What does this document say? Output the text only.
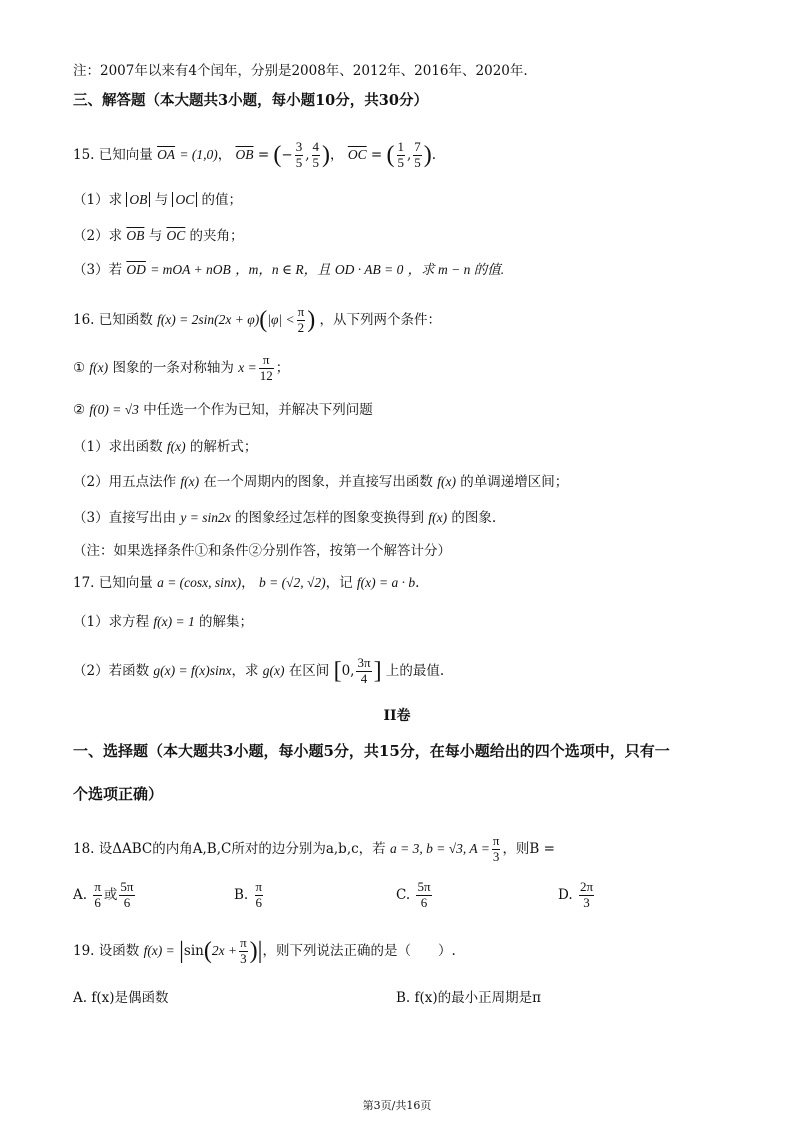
注：2007年以来有4个闰年，分别是2008年、2012年、2016年、2020年.
三、解答题（本大题共3小题，每小题10分，共30分）
15. 已知向量 $\overline{OA} = (1,0)$， $\overline{OB}$ = (− $\frac{3}{5}$ , $\frac{4}{5}$ )， $\overline{OC}$ = ( $\frac{1}{5}$ , $\frac{7}{5}$ ).
（1）求 OB 与 OC 的值；
（2）求 $\overline{OB}$ 与 $\overline{OC}$ 的夹角；
（3）若 $\overline{OD}$ = mOA + nOB ，m，n ∈ R，且 OD · AB = 0 ，求 m − n 的值.
16. 已知函数 $f(x) = 2\sin(2x + \varphi)(|\varphi| < \frac{\pi}{2}$ ) ，从下列两个条件：
① f(x) 图象的一条对称轴为 $x = \frac{\pi}{12}$ ；
② f(0) = √3 中任选一个作为已知，并解决下列问题
（1）求出函数 f(x) 的解析式；
（2）用五点法作 f(x) 在一个周期内的图象，并直接写出函数 f(x) 的单调递增区间；
（3）直接写出由 y = sin2x 的图象经过怎样的图象变换得到 f(x) 的图象.
（注：如果选择条件①和条件②分别作答，按第一个解答计分）
17. 已知向量 a = (cosx, sinx)， b = (√2, √2)，记 f(x) = a · b.
（1）求方程 f(x) = 1 的解集；
（2）若函数 g(x) = f(x)sinx，求 g(x) 在区间 [0, $\frac{3\pi}{4}$ ] 上的最值.
II卷
一、选择题（本大题共3小题，每小题5分，共15分，在每小题给出的四个选项中，只有一
个选项正确）
18. 设ΔABC的内角A,B,C所对的边分别为a,b,c，若 a = 3, b = √3, $A = \frac{\pi}{3}$ ，则B =
A. $\frac{\pi}{6}$ 或 $\frac{5\pi}{6}$	B. $\frac{\pi}{6}$	C. $\frac{5\pi}{6}$	D. $\frac{2\pi}{3}$
19. 设函数 $f(x) = |\sin(2x + \frac{\pi}{3}$ )|，则下列说法正确的是（　　）.
A. f(x)是偶函数	B. f(x)的最小正周期是π
第3页/共16页
